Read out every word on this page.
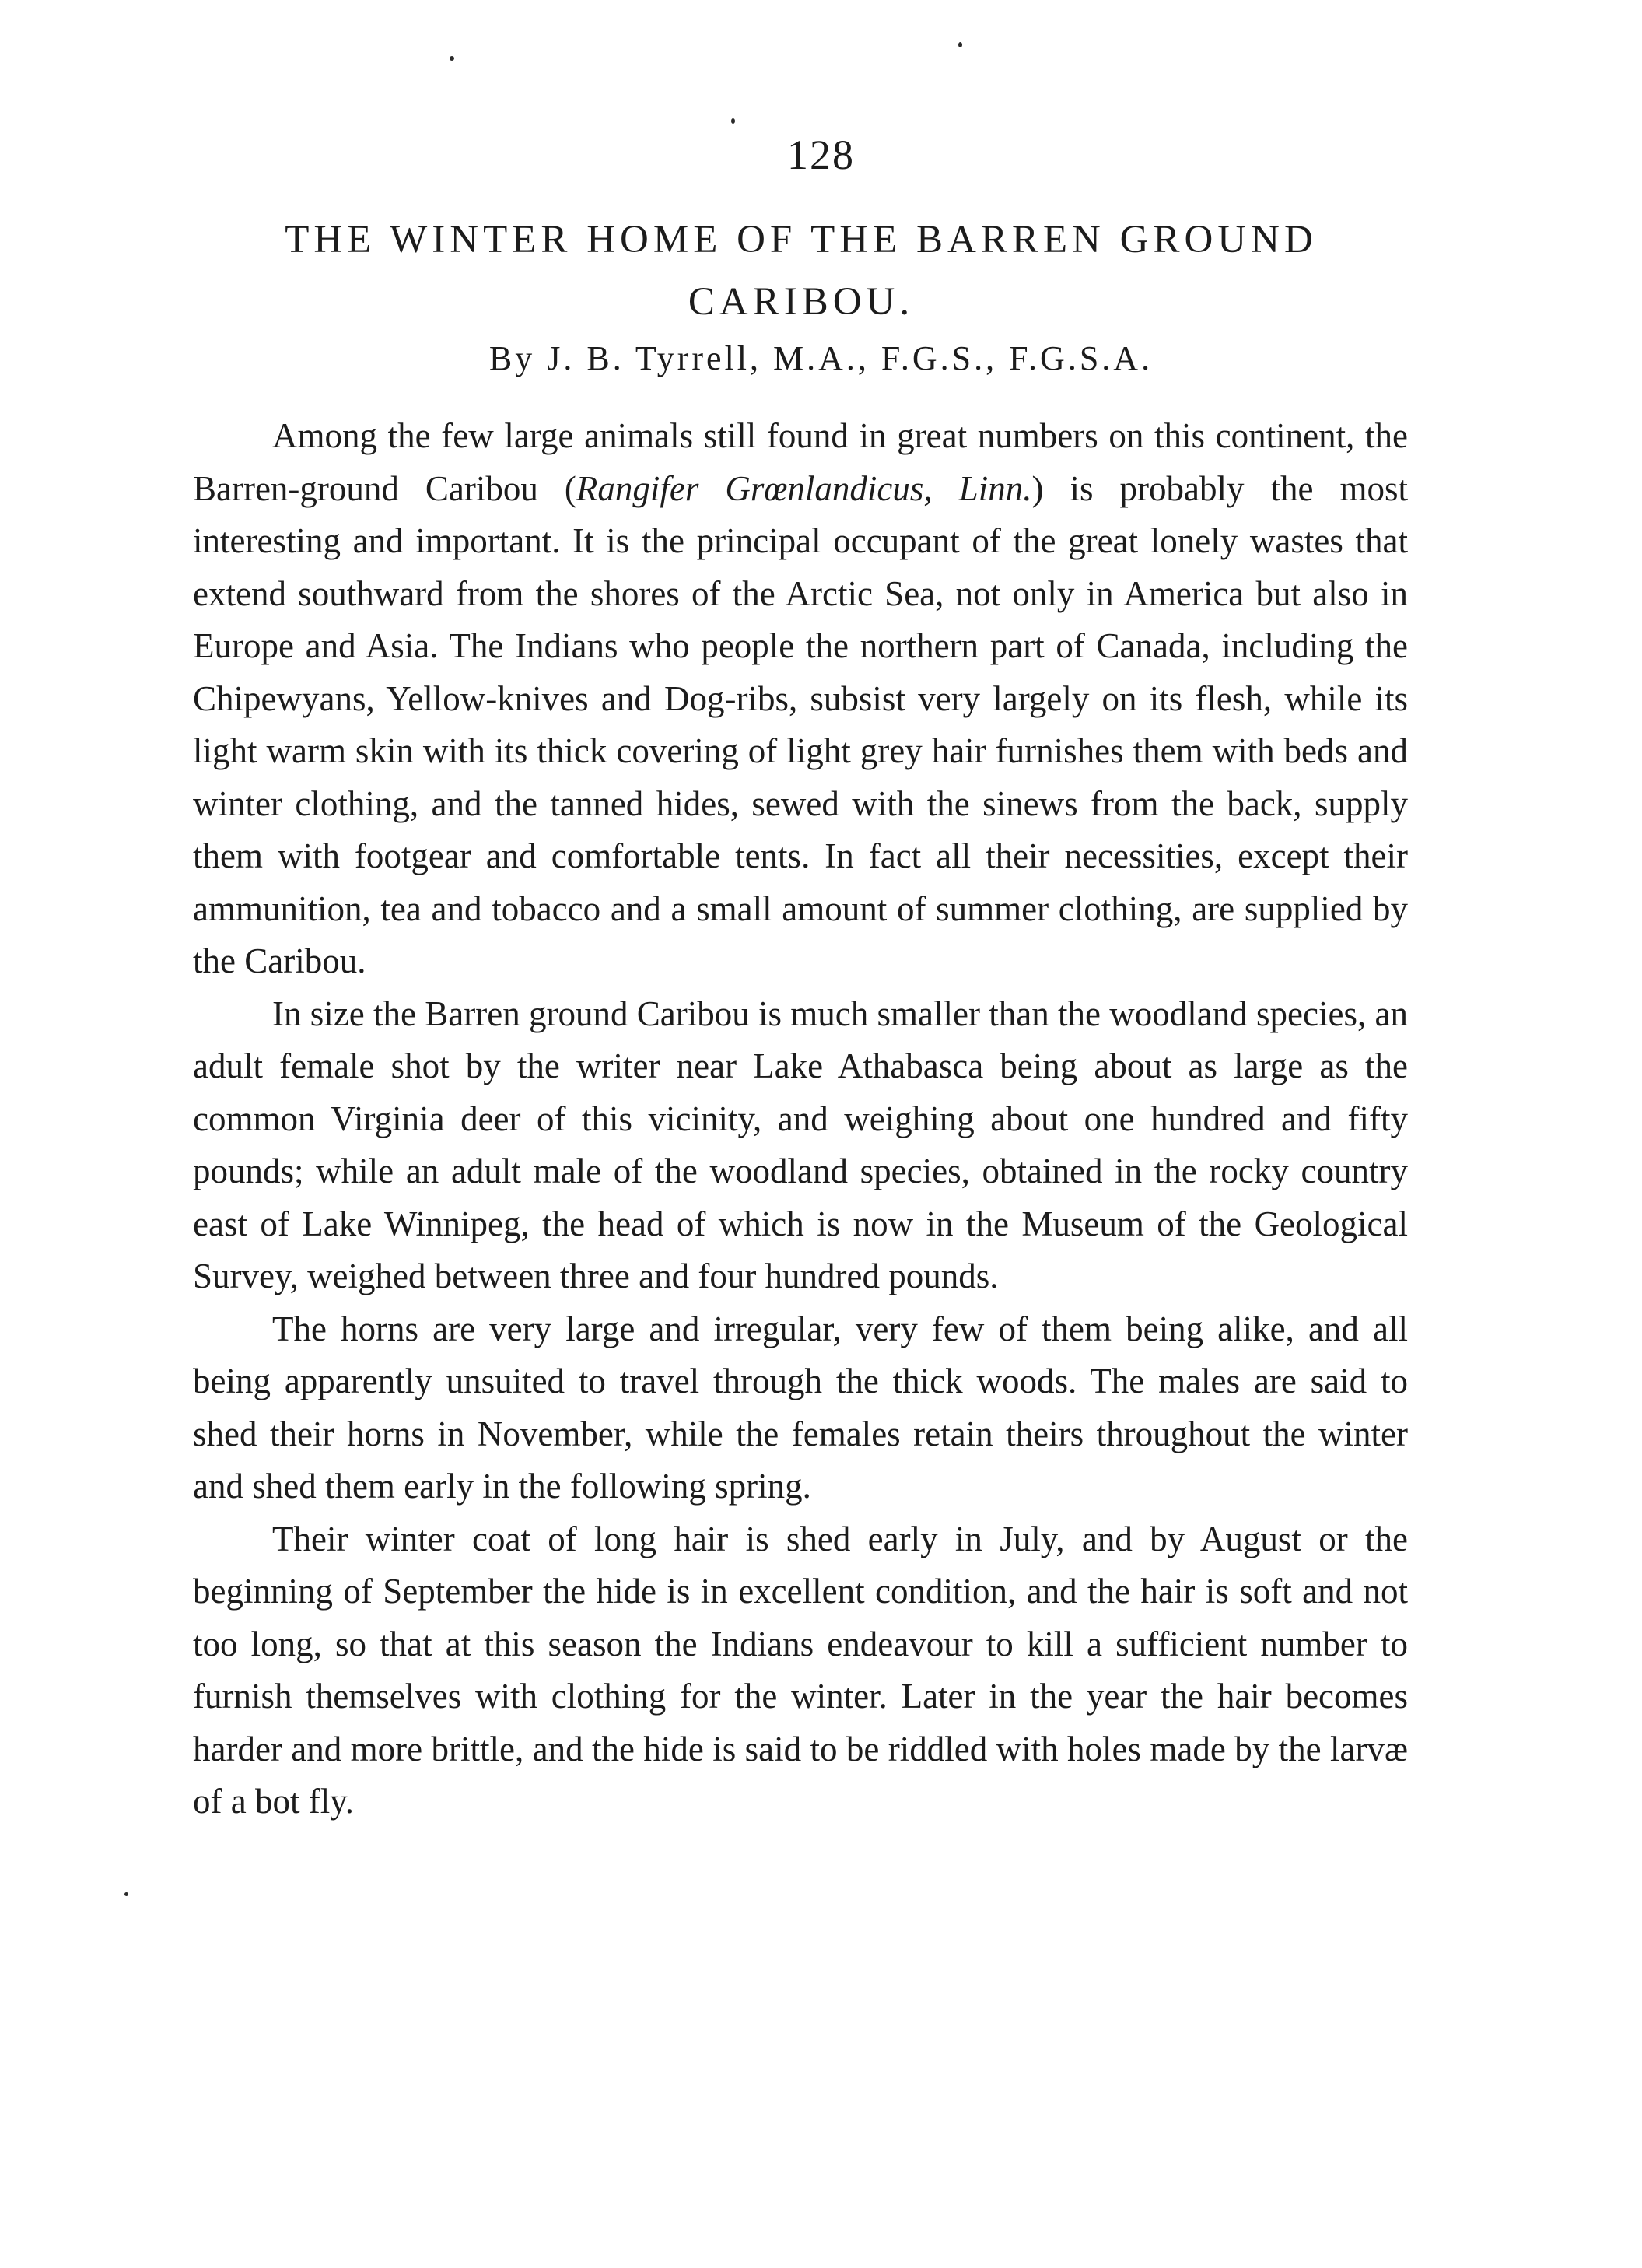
128
THE WINTER HOME OF THE BARREN GROUND CARIBOU.
By J. B. Tyrrell, M.A., F.G.S., F.G.S.A.

Among the few large animals still found in great numbers on this continent, the Barren-ground Caribou (Rangifer Grœnlandicus, Linn.) is probably the most interesting and important. It is the principal occupant of the great lonely wastes that extend southward from the shores of the Arctic Sea, not only in America but also in Europe and Asia. The Indians who people the northern part of Canada, including the Chipewyans, Yellow-knives and Dog-ribs, subsist very largely on its flesh, while its light warm skin with its thick covering of light grey hair furnishes them with beds and winter clothing, and the tanned hides, sewed with the sinews from the back, supply them with footgear and comfortable tents. In fact all their necessities, except their ammunition, tea and tobacco and a small amount of summer clothing, are supplied by the Caribou.

In size the Barren ground Caribou is much smaller than the woodland species, an adult female shot by the writer near Lake Athabasca being about as large as the common Virginia deer of this vicinity, and weighing about one hundred and fifty pounds; while an adult male of the woodland species, obtained in the rocky country east of Lake Winnipeg, the head of which is now in the Museum of the Geological Survey, weighed between three and four hundred pounds.

The horns are very large and irregular, very few of them being alike, and all being apparently unsuited to travel through the thick woods. The males are said to shed their horns in November, while the females retain theirs throughout the winter and shed them early in the following spring.

Their winter coat of long hair is shed early in July, and by August or the beginning of September the hide is in excellent condition, and the hair is soft and not too long, so that at this season the Indians endeavour to kill a sufficient number to furnish themselves with clothing for the winter. Later in the year the hair becomes harder and more brittle, and the hide is said to be riddled with holes made by the larvæ of a bot fly.
